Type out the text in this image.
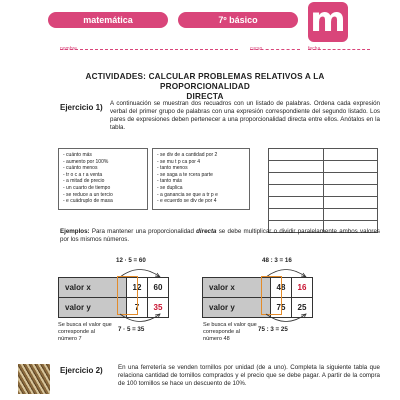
matemática	7º básico	m
nombre	curso	fecha
ACTIVIDADES: CALCULAR PROBLEMAS RELATIVOS A LA PROPORCIONALIDAD
DIRECTA
Ejercicio 1) A continuación se muestran dos recuadros con un listado de palabras. Ordena cada expresión verbal del primer grupo de palabras con una expresión correspondiente del segundo listado. Los pares de expresiones deben pertenecer a una proporcionalidad directa entre ellos. Anótalos en la tabla.
- cuánto más
- aumento por 100%
- cuánto menos
- tr o c a r a venta
- a mitad de precio
- un cuarto de tiempo
- se reduce a un tercio
- e cuádruplo de masa
- se div de a cantidad por 2
- se mu t p ca por 4
- tanto menos
- se saga a te rcera parte
- tanto más
- se duplica
- a ganancia se que a tr p e
- e ecuerdo se div de por 4

Ejemplos: Para mantener una proporcionalidad directa se debe multiplicar o dividir paralelamente ambos valores por los mismos números.
12 · 5 = 60
valor x	12	60
valor y	7	35
7 · 5 = 35
Se busca el valor que corresponde al número 7
48 : 3 = 16
valor x	48	16
valor y	75	25
75 : 3 = 25
Se busca el valor que corresponde al número 48
Ejercicio 2) En una ferretería se venden tornillos por unidad (de a uno). Completa la siguiente tabla que relaciona cantidad de tornillos comprados y el precio que se debe pagar. A partir de la compra de 100 tornillos se hace un descuento de 10%.
